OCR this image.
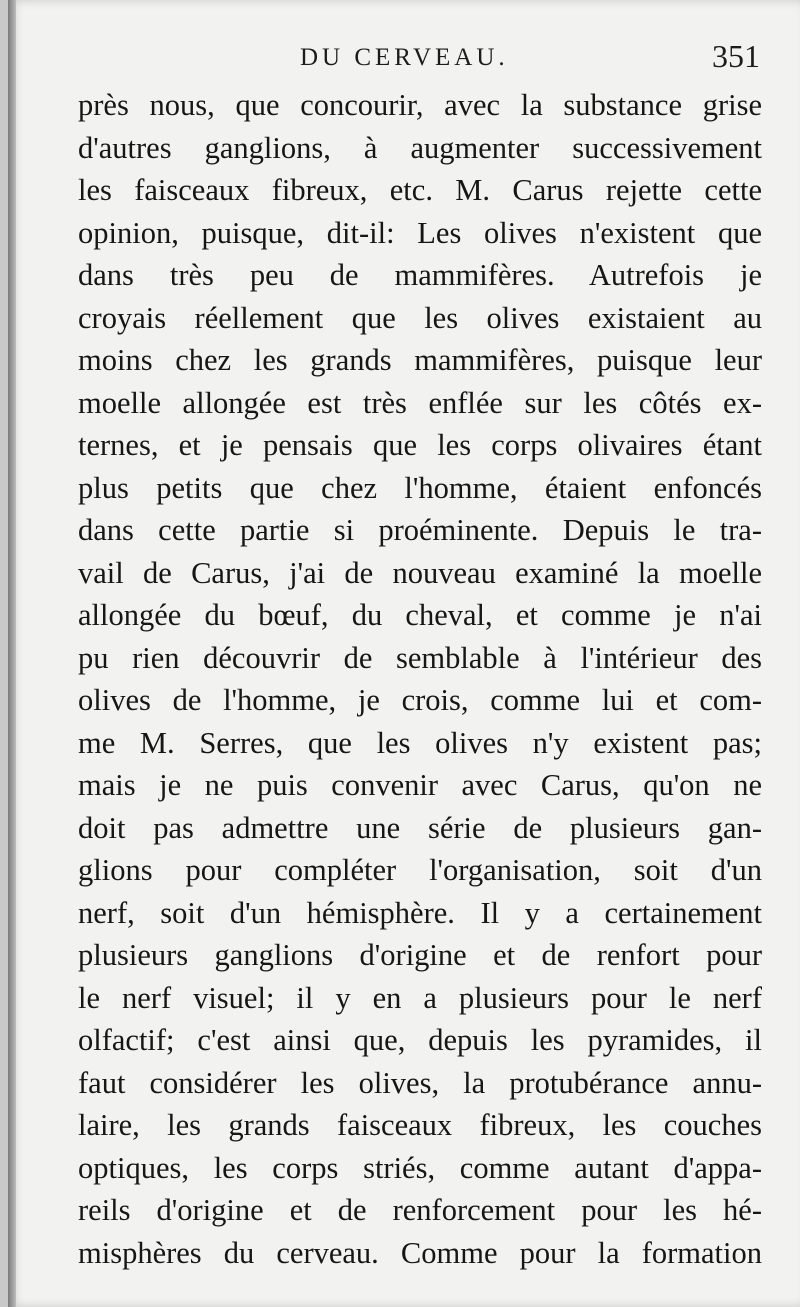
DU CERVEAU.	351
près nous, que concourir, avec la substance grise
d'autres ganglions, à augmenter successivement
les faisceaux fibreux, etc. M. Carus rejette cette
opinion, puisque, dit-il: Les olives n'existent que
dans très peu de mammifères. Autrefois je
croyais réellement que les olives existaient au
moins chez les grands mammifères, puisque leur
moelle allongée est très enflée sur les côtés ex-
ternes, et je pensais que les corps olivaires étant
plus petits que chez l'homme, étaient enfoncés
dans cette partie si proéminente. Depuis le tra-
vail de Carus, j'ai de nouveau examiné la moelle
allongée du bœuf, du cheval, et comme je n'ai
pu rien découvrir de semblable à l'intérieur des
olives de l'homme, je crois, comme lui et com-
me M. Serres, que les olives n'y existent pas;
mais je ne puis convenir avec Carus, qu'on ne
doit pas admettre une série de plusieurs gan-
glions pour compléter l'organisation, soit d'un
nerf, soit d'un hémisphère. Il y a certainement
plusieurs ganglions d'origine et de renfort pour
le nerf visuel; il y en a plusieurs pour le nerf
olfactif; c'est ainsi que, depuis les pyramides, il
faut considérer les olives, la protubérance annu-
laire, les grands faisceaux fibreux, les couches
optiques, les corps striés, comme autant d'appa-
reils d'origine et de renforcement pour les hé-
misphères du cerveau. Comme pour la formation
